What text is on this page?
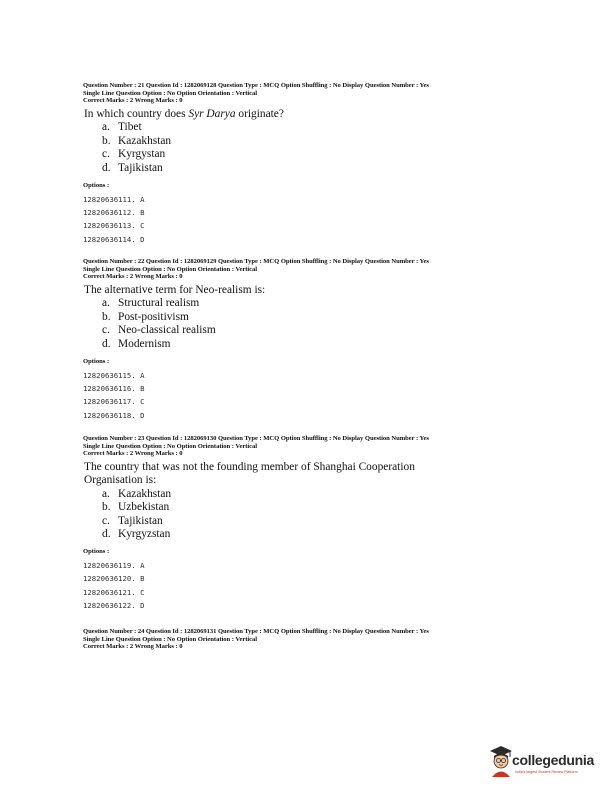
Question Number : 21 Question Id : 1282069128 Question Type : MCQ Option Shuffling : No Display Question Number : Yes
Single Line Question Option : No Option Orientation : Vertical
Correct Marks : 2 Wrong Marks : 0
In which country does Syr Darya originate?
a. Tibet
b. Kazakhstan
c. Kyrgystan
d. Tajikistan
Options :
12820636111. A
12820636112. B
12820636113. C
12820636114. D
Question Number : 22 Question Id : 1282069129 Question Type : MCQ Option Shuffling : No Display Question Number : Yes
Single Line Question Option : No Option Orientation : Vertical
Correct Marks : 2 Wrong Marks : 0
The alternative term for Neo-realism is:
a. Structural realism
b. Post-positivism
c. Neo-classical realism
d. Modernism
Options :
12820636115. A
12820636116. B
12820636117. C
12820636118. D
Question Number : 23 Question Id : 1282069130 Question Type : MCQ Option Shuffling : No Display Question Number : Yes
Single Line Question Option : No Option Orientation : Vertical
Correct Marks : 2 Wrong Marks : 0
The country that was not the founding member of Shanghai Cooperation Organisation is:
a. Kazakhstan
b. Uzbekistan
c. Tajikistan
d. Kyrgyzstan
Options :
12820636119. A
12820636120. B
12820636121. C
12820636122. D
Question Number : 24 Question Id : 1282069131 Question Type : MCQ Option Shuffling : No Display Question Number : Yes
Single Line Question Option : No Option Orientation : Vertical
Correct Marks : 2 Wrong Marks : 0
collegedunia
India's largest Student Review Platform
